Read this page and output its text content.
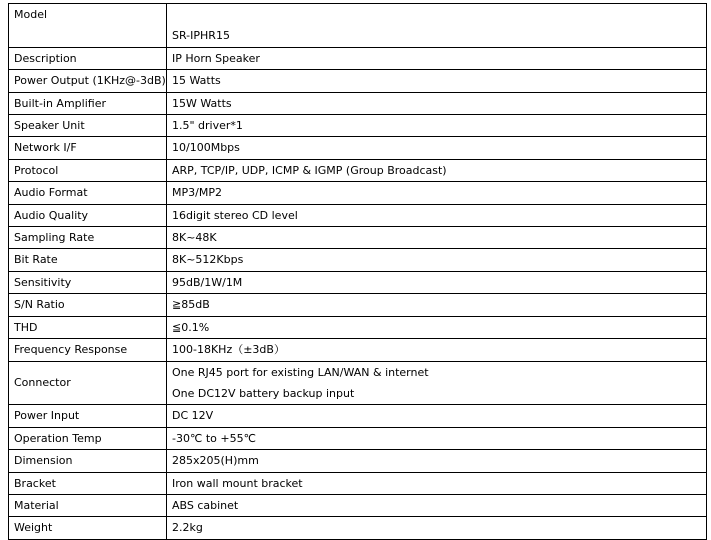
Model	SR-IPHR15

Description	IP Horn Speaker

Power Output (1KHz@-3dB)	15 Watts

Built-in Amplifier	15W Watts

Speaker Unit	1.5" driver*1

Network I/F	10/100Mbps

Protocol	ARP, TCP/IP, UDP, ICMP & IGMP (Group Broadcast)

Audio Format	MP3/MP2

Audio Quality	16digit stereo CD level

Sampling Rate	8K~48K

Bit Rate	8K~512Kbps

Sensitivity	95dB/1W/1M

S/N Ratio	≧85dB

THD	≦0.1%

Frequency Response	100-18KHz（±3dB）

Connector	One RJ45 port for existing LAN/WAN & internet
One DC12V battery backup input

Power Input	DC 12V

Operation Temp	-30℃ to +55℃

Dimension	285x205(H)mm

Bracket	Iron wall mount bracket

Material	ABS cabinet

Weight	2.2kg
